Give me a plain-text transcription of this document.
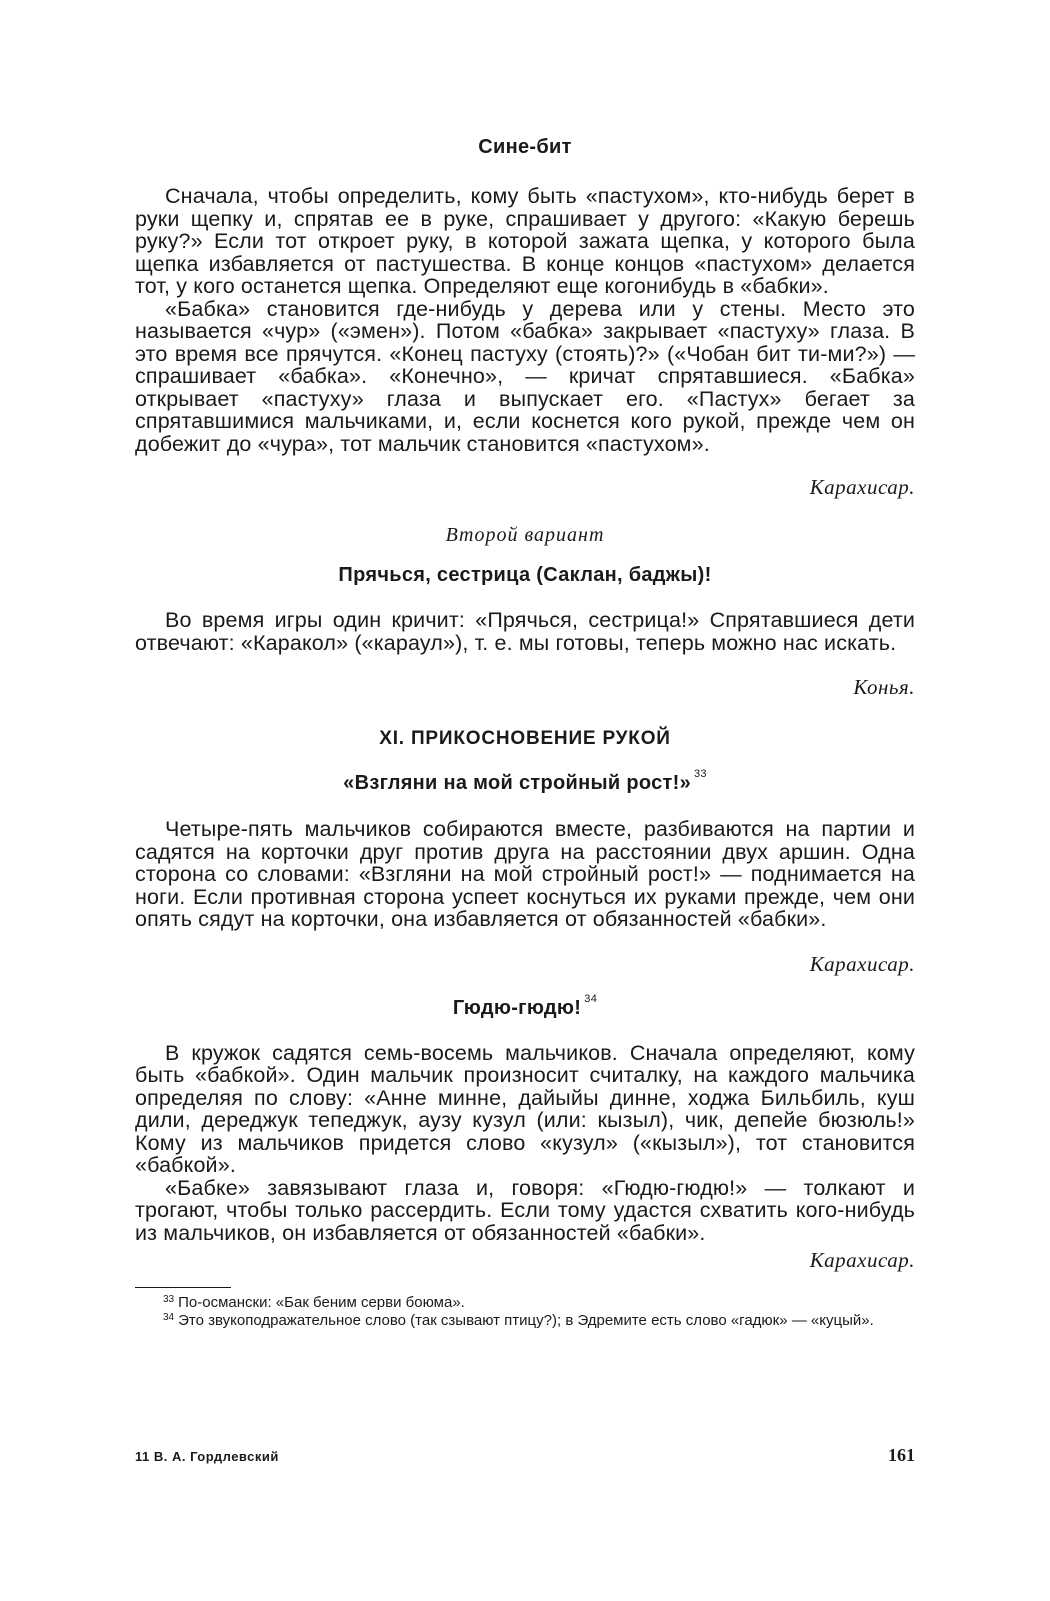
Сине-бит

Сначала, чтобы определить, кому быть «пастухом», кто-нибудь берет в руки щепку и, спрятав ее в руке, спрашивает у другого: «Какую берешь руку?» Если тот откроет руку, в которой зажата щепка, у которого была щепка избавляется от пастушества. В конце концов «пастухом» делается тот, у кого останется щепка. Определяют еще когонибудь в «бабки».

«Бабка» становится где-нибудь у дерева или у стены. Место это называется «чур» («эмен»). Потом «бабка» закрывает «пастуху» глаза. В это время все прячутся. «Конец пастуху (стоять)?» («Чобан бит ти-ми?») — спрашивает «бабка». «Конечно», — кричат спрятавшиеся. «Бабка» открывает «пастуху» глаза и выпускает его. «Пастух» бегает за спрятавшимися мальчиками, и, если коснется кого рукой, прежде чем он добежит до «чура», тот мальчик становится «пастухом».

Карахисар.

Второй вариант

Прячься, сестрица (Саклан, баджы)!

Во время игры один кричит: «Прячься, сестрица!» Спрятавшиеся дети отвечают: «Каракол» («караул»), т. е. мы готовы, теперь можно нас искать.

Конья.

XI. ПРИКОСНОВЕНИЕ РУКОЙ
«Взгляни на мой стройный рост!» $^{33}$

Четыре-пять мальчиков собираются вместе, разбиваются на партии и садятся на корточки друг против друга на расстоянии двух аршин. Одна сторона со словами: «Взгляни на мой стройный рост!» — поднимается на ноги. Если противная сторона успеет коснуться их руками прежде, чем они опять сядут на корточки, она избавляется от обязанностей «бабки».

Карахисар.

Гюдю-гюдю! $^{34}$

В кружок садятся семь-восемь мальчиков. Сначала определяют, кому быть «бабкой». Один мальчик произносит считалку, на каждого мальчика определяя по слову: «Анне минне, дайыйы динне, ходжа Бильбиль, куш дили, дереджук тепеджук, аузу кузул (или: кызыл), чик, депейе бюзюль!» Кому из мальчиков придется слово «кузул» («кызыл»), тот становится «бабкой».

«Бабке» завязывают глаза и, говоря: «Гюдю-гюдю!» — толкают и трогают, чтобы только рассердить. Если тому удастся схватить кого-нибудь из мальчиков, он избавляется от обязанностей «бабки».

Карахисар.

$^{33}$ По-османски: «Бак беним серви боюма».

$^{34}$ Это звукоподражательное слово (так сзывают птицу?); в Эдремите есть слово «гадюк» — «куцый».

11 В. А. Гордлевский	161
